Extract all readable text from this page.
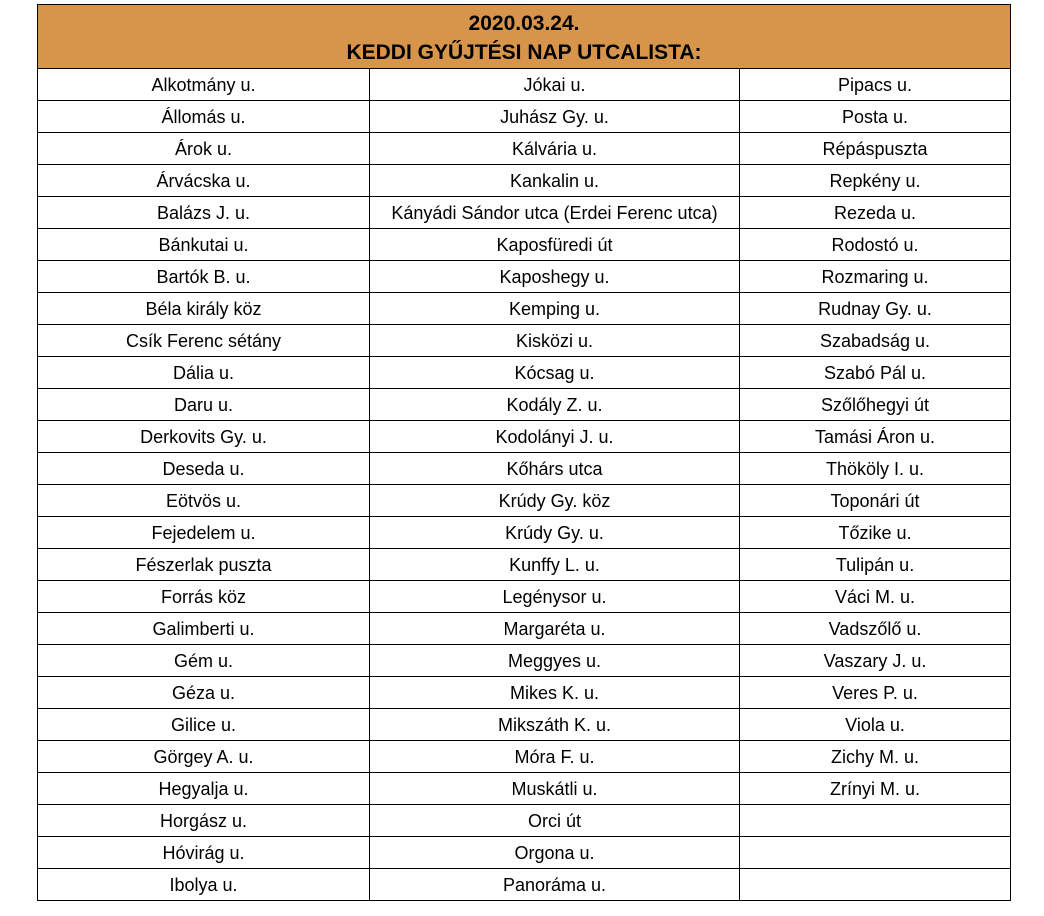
2020.03.24.
KEDDI GYŰJTÉSI NAP UTCALISTA:		

Alkotmány u.	Jókai u.	Pipacs u.
Állomás u.	Juhász Gy. u.	Posta u.
Árok u.	Kálvária u.	Répáspuszta
Árvácska u.	Kankalin u.	Repkény u.
Balázs J. u.	Kányádi Sándor utca (Erdei Ferenc utca)	Rezeda u.
Bánkutai u.	Kaposfüredi út	Rodostó u.
Bartók B. u.	Kaposhegy u.	Rozmaring u.
Béla király köz	Kemping u.	Rudnay Gy. u.
Csík Ferenc sétány	Kisközi u.	Szabadság u.
Dália u.	Kócsag u.	Szabó Pál u.
Daru u.	Kodály Z. u.	Szőlőhegyi út
Derkovits Gy. u.	Kodolányi J. u.	Tamási Áron u.
Deseda u.	Kőhárs utca	Thököly I. u.
Eötvös u.	Krúdy Gy. köz	Toponári út
Fejedelem u.	Krúdy Gy. u.	Tőzike u.
Fészerlak puszta	Kunffy L. u.	Tulipán u.
Forrás köz	Legénysor u.	Váci M. u.
Galimberti u.	Margaréta u.	Vadszőlő u.
Gém u.	Meggyes u.	Vaszary J. u.
Géza u.	Mikes K. u.	Veres P. u.
Gilice u.	Mikszáth K. u.	Viola u.
Görgey A. u.	Móra F. u.	Zichy M. u.
Hegyalja u.	Muskátli u.	Zrínyi M. u.
Horgász u.	Orci út	
Hóvirág u.	Orgona u.	
Ibolya u.	Panoráma u.	
